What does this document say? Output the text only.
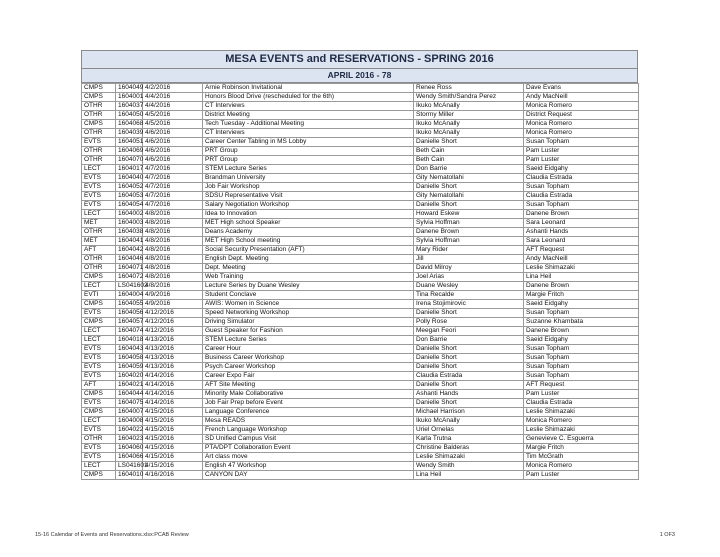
MESA EVENTS and RESERVATIONS - SPRING 2016
APRIL 2016 - 78
CMPS	1604049	4/2/2016	Arnie Robinson Invitational	Renee Ross	Dave Evans
CMPS	1604001	4/4/2016	Honors Blood Drive (rescheduled for the 6th)	Wendy Smith/Sandra Perez	Andy MacNeill
OTHR	1604037	4/4/2016	CT Interviews	Ikuko McAnally	Monica Romero
OTHR	1604050	4/5/2016	District Meeting	Stormy Miller	District Request
CMPS	1604068	4/5/2016	Tech Tuesday - Additional Meeting	Ikuko McAnally	Monica Romero
OTHR	1604039	4/6/2016	CT Interviews	Ikuko McAnally	Monica Romero
EVTS	1604051	4/6/2016	Career Center Tabling in MS Lobby	Danielle Short	Susan Topham
OTHR	1604069	4/6/2016	PRT Group	Beth Cain	Pam Luster
OTHR	1604070	4/6/2016	PRT Group	Beth Cain	Pam Luster
LECT	1604017	4/7/2016	STEM Lecture Series	Don Barrie	Saeid Eidgahy
EVTS	1604040	4/7/2016	Brandman University	Gity Nematollahi	Claudia Estrada
EVTS	1604052	4/7/2016	Job Fair Workshop	Danielle Short	Susan Topham
EVTS	1604053	4/7/2016	SDSU Representative Visit	Gity Nematollahi	Claudia Estrada
EVTS	1604054	4/7/2016	Salary Negotiation Workshop	Danielle Short	Susan Topham
LECT	1604002	4/8/2016	Idea to Innovation	Howard Eskew	Danene Brown
MET	1604003	4/8/2016	MET High school Speaker	Sylvia Hoffman	Sara Leonard
OTHR	1604038	4/8/2016	Deans Academy	Danene Brown	Ashanti Hands
MET	1604041	4/8/2016	MET High School meeting	Sylvia Hoffman	Sara Leonard
AFT	1604042	4/8/2016	Social Security Presentation (AFT)	Mary Rider	AFT Request
OTHR	1604046	4/8/2016	English Dept. Meeting	Jill	Andy MacNeill
OTHR	1604071	4/8/2016	Dept. Meeting	David Milroy	Leslie Shimazaki
CMPS	1604072	4/8/2016	Web Training	Joel Arias	Lina Heil
LECT	LS041602	4/8/2016	Lecture Series by Duane Wesley	Duane Wesley	Danene Brown
EVTI	1604004	4/9/2016	Student Conclave	Tina Recalde	Margie Fritch
CMPS	1604055	4/9/2016	AWIS: Women in Science	Irena Stojimirovic	Saeid Eidgahy
EVTS	1604056	4/12/2016	Speed Networking Workshop	Danielle Short	Susan Topham
CMPS	1604057	4/12/2016	Driving Simulator	Polly Rose	Suzanne Khambata
LECT	1604074	4/12/2016	Guest Speaker for Fashion	Meegan Feori	Danene Brown
LECT	1604018	4/13/2016	STEM Lecture Series	Don Barrie	Saeid Eidgahy
EVTS	1604043	4/13/2016	Career Hour	Danielle Short	Susan Topham
EVTS	1604058	4/13/2016	Business Career Workshop	Danielle Short	Susan Topham
EVTS	1604059	4/13/2016	Psych Career Workshop	Danielle Short	Susan Topham
EVTS	1604020	4/14/2016	Career Expo Fair	Claudia Estrada	Susan Topham
AFT	1604021	4/14/2016	AFT Site Meeting	Danielle Short	AFT Request
CMPS	1604044	4/14/2016	Minority Male Collaborative	Ashanti Hands	Pam Luster
EVTS	1604075	4/14/2016	Job Fair Prep before Event	Danielle Short	Claudia Estrada
CMPS	1604007	4/15/2016	Language Conference	Michael Harrison	Leslie Shimazaki
LECT	1604008	4/15/2016	Mesa READS	Ikuko McAnally	Monica Romero
EVTS	1604022	4/15/2016	French Language Workshop	Uriel Ornelas	Leslie Shimazaki
OTHR	1604023	4/15/2016	SD Unified Campus Visit	Karla Trutna	Genevieve C. Esguerra
EVTS	1604060	4/15/2016	PTA/DPT Collaboration Event	Christine Balderas	Margie Fritch
EVTS	1604066	4/15/2016	Art class move	Leslie Shimazaki	Tim McGrath
LECT	LS041601	4/15/2016	English 47 Workshop	Wendy Smith	Monica Romero
CMPS	1604010	4/16/2016	CANYON DAY	Lina Heil	Pam Luster
15-16 Calendar of Events and Reservations.xlsx:PCAB Review	1 OF3
